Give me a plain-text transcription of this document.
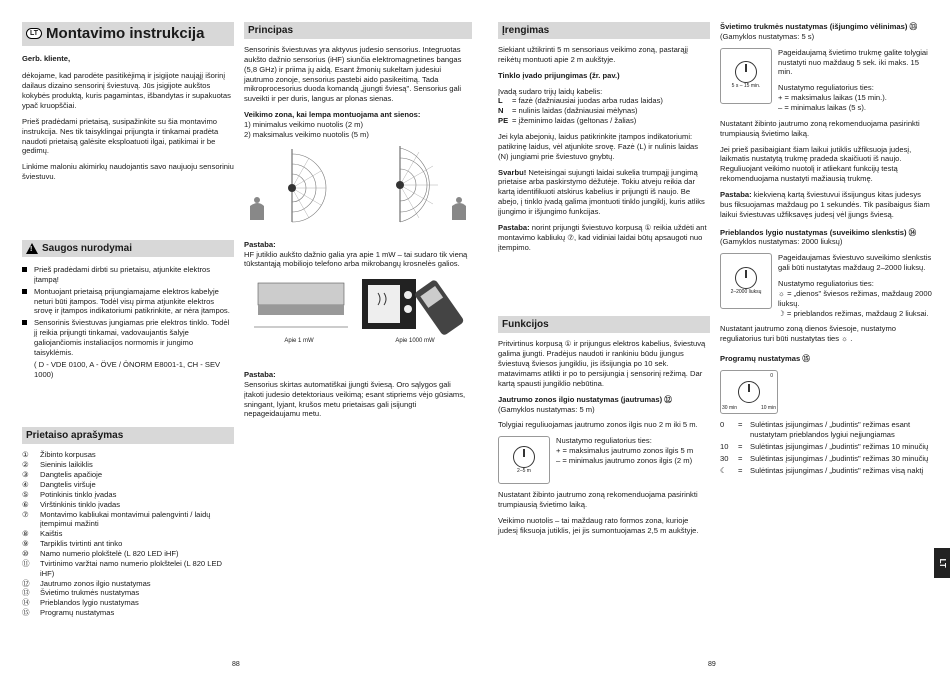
LT Montavimo instrukcija

Gerb. kliente,

dėkojame, kad parodėte pasitikėjimą ir įsigijote naująjį išorinį dailaus dizaino sensorinį šviestuvą. Jūs įsigijote aukštos kokybės produktą, kuris pagamintas, išbandytas ir supakuotas ypač kruopščiai.

Prieš pradėdami prietaisą, susipažinkite su šia montavimo instrukcija. Nes tik taisyklingai prijungta ir tinkamai pradėta naudoti prietaisą galėsite eksploatuoti ilgai, patikimai ir be gedimų.

Linkime maloniu akimirkų naudojantis savo naujuoju sensoriniu šviestuvu.

! Saugos nurodymai
Prieš pradėdami dirbti su prietaisu, atjunkite elektros įtampą!
Montuojant prietaisą prijungiamajame elektros kabelyje neturi būti įtampos. Todėl visų pirma atjunkite elektros srovę ir įtampos indikatoriumi patikrinkite, ar nėra įtampos.
Sensorinis šviestuvas jungiamas prie elektros tinklo. Todėl jį reikia prijungti tinkamai, vadovaujantis šalyje galiojančiomis instaliacijos normomis ir jungimo taisyklėmis.

( D - VDE 0100, A - ÖVE / ÖNORM E8001-1, CH - SEV 1000)

Prietaiso aprašymas
①	Žibinto korpusas
②	Sieninis laikiklis
③	Dangtelis apačioje
④	Dangtelis viršuje
⑤	Potinkinis tinklo įvadas
⑥	Virštinkinis tinklo įvadas
⑦	Montavimo kabliukai montavimui palengvinti / laidų įtempimui mažinti
⑧	Kaištis
⑨	Tarpiklis tvirtinti ant tinko
⑩	Namo numerio plokštelė (L 820 LED iHF)
⑪	Tvirtinimo varžtai namo numerio plokštelei (L 820 LED iHF)
⑫	Jautrumo zonos ilgio nustatymas
⑬	Švietimo trukmės nustatymas
⑭	Prieblandos lygio nustatymas
⑮	Programų nustatymas
Principas

Sensorinis šviestuvas yra aktyvus judesio sensorius. Integruotas aukšto dažnio sensorius (iHF) siunčia elektromagnetines bangas (5,8 GHz) ir priima jų aidą. Esant žmonių sukeltam judesiui jautrumo zonoje, sensorius pastebi aido pasikeitimą. Tada mikroprocesorius duoda komandą „įjungti šviesą". Sensorius gali suveikti ir per duris, langus ar plonas sienas.

Veikimo zona, kai lempa montuojama ant sienos:

1) minimalus veikimo nuotolis (2 m)
2) maksimalus veikimo nuotolis (5 m)

Pastaba:

HF jutiklio aukšto dažnio galia yra apie 1 mW – tai sudaro tik vieną tūkstantąją mobiliojo telefono arba mikrobangų krosnelės galios.

Apie 1 mW	Apie 1000 mW

Pastaba:

Sensorius skirtas automatiškai įjungti šviesą. Oro sąlygos gali įtakoti judesio detektoriaus veikimą; esant stipriems vėjo gūsiams, sningant, lyjant, krušos metu prietaisas gali įsijungti nepageidaujamu metu.

Įrengimas

Siekiant užtikrinti 5 m sensoriaus veikimo zoną, pastarąjį reikėtų montuoti apie 2 m aukštyje.

Tinklo įvado prijungimas (žr. pav.)

Įvadą sudaro trijų laidų kabelis:
L	= fazė (dažniausiai juodas arba rudas laidas)
N	= nulinis laidas (dažniausiai mėlynas)
PE = įžeminimo laidas (geltonas / žalias)

Jei kyla abejonių, laidus patikrinkite įtampos indikatoriumi: patikrinę laidus, vėl atjunkite srovę. Fazė (L) ir nulinis laidas (N) jungiami prie šviestuvo gnybtų.

Svarbu! Neteisingai sujungti laidai sukelia trumpąjį jungimą prietaise arba paskirstymo dėžutėje. Tokiu atveju reikia dar kartą identifikuoti atskirus kabelius ir prijungti iš naujo. Be abejo, į tinklo įvadą galima įmontuoti tinklo jungiklį, kuris atliks įjungimo ir išjungimo funkcijas.

Pastaba: norint prijungti šviestuvo korpusą ① reikia uždėti ant montavimo kabliukų ⑦, kad vidiniai laidai būtų apsaugoti nuo įtempimo.

Funkcijos

Pritvirtinus korpusą ① ir prijungus elektros kabelius, šviestuvą galima įjungti. Pradėjus naudoti ir rankiniu būdu įjungus šviestuvą šviesos jungikliu, jis išsijungia po 10 sek. matavimams atlikti ir po to persijungia į sensorinį režimą. Dar kartą spausti jungiklio nebūtina.

Jautrumo zonos ilgio nustatymas (jautrumas) ⑫

(Gamyklos nustatymas: 5 m)

Tolygiai reguliuojamas jautrumo zonos ilgis nuo 2 m iki 5 m.

2–5 m
Nustatymo reguliatorius ties:
+ = maksimalus jautrumo zonos ilgis 5 m
– = minimalus jautrumo zonos ilgis (2 m)

Nustatant žibinto jautrumo zoną rekomenduojama pasirinkti trumpiausią švietimo laiką.

Veikimo nuotolis – tai maždaug rato formos zona, kurioje judesį fiksuoja jutiklis, jei jis sumontuojamas 2,5 m aukštyje.

Švietimo trukmės nustatymas (išjungimo vėlinimas) ⑬

(Gamyklos nustatymas: 5 s)

5 s – 15 min.

Pageidaujamą švietimo trukmę galite tolygiai nustatyti nuo maždaug 5 sek. iki maks. 15 min.

Nustatymo reguliatorius ties:
+ = maksimalus laikas (15 min.).
– = minimalus laikas (5 s).

Nustatant žibinto jautrumo zoną rekomenduojama pasirinkti trumpiausią švietimo laiką.

Jei prieš pasibaigiant šiam laikui jutiklis užfiksuoja judesį, laikmatis nustatytą trukmę pradeda skaičiuoti iš naujo. Reguliuojant veikimo nuotolį ir atliekant funkcijų testą rekomenduojama nustatyti mažiausią trukmę.

Pastaba: kiekvieną kartą šviestuvui išsijungus kitas judesys bus fiksuojamas maždaug po 1 sekundės. Tik pasibaigus šiam laikui šviestuvas užfiksavęs judesį vėl įjungs šviesą.

Prieblandos lygio nustatymas (suveikimo slenkstis) ⑭

(Gamyklos nustatymas: 2000 liuksų)

2–2000 liuksų

Pageidaujamas šviestuvo suveikimo slenkstis gali būti nustatytas maždaug 2–2000 liuksų.

Nustatymo reguliatorius ties:
☼ = „dienos" šviesos režimas, maždaug 2000 liuksų.
☽ = prieblandos režimas, maždaug 2 liuksai.

Nustatant jautrumo zoną dienos šviesoje, nustatymo reguliatorius turi būti nustatytas ties ☼ .

Programų nustatymas ⑮
0
30 min	10 min
0	=	Sulėtintas įsijungimas / „budintis" režimas esant nustatytam prieblandos lygiui neįjungiamas
10	=	Sulėtintas įsijungimas / „budintis" režimas 10 minučių
30	=	Sulėtintas įsijungimas / „budintis" režimas 30 minučių
☾	=	Sulėtintas įsijungimas / „budintis" režimas visą naktį
88	89
LT
